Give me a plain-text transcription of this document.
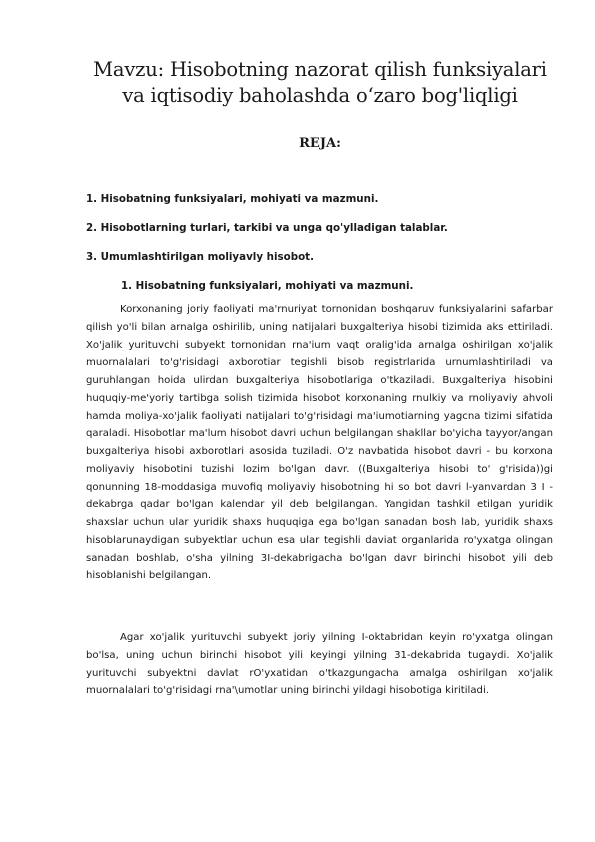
Mavzu: Hisobotning nazorat qilish funksiyalari
va iqtisodiy baholashda o‘zaro bog'liqligi
REJA:
1. Hisobatning funksiyalari, mohiyati va mazmuni.
2. Hisobotlarning turlari, tarkibi va unga qo'ylladigan talablar.
3. Umumlashtirilgan moliyavly hisobot.
1. Hisobatning funksiyalari, mohiyati va mazmuni.

Korxonaning joriy faoliyati ma'rnuriyat tornonidan boshqaruv funksiyalarini safarbar qilish yo'li bilan arnalga oshirilib, uning natijalari buxgalteriya hisobi tizimida aks ettiriladi. Xo'jalik yurituvchi subyekt tornonidan rna'ium vaqt oralig'ida arnalga oshirilgan xo'jalik muornalalari to'g'risidagi axborotiar tegishli bisob registrlarida urnumlashtiriladi va guruhlangan hoida ulirdan buxgalteriya hisobotlariga o'tkaziladi. Buxgalteriya hisobini huquqiy-me'yoriy tartibga solish tizimida hisobot korxonaning rnulkiy va rnoliyaviy ahvoli hamda moliya-xo'jalik faoliyati natijalari to'g'risidagi ma'iumotiarning yagcna tizimi sifatida qaraladi. Hisobotlar ma'lum hisobot davri uchun belgilangan shakllar bo'yicha tayyor/angan buxgalteriya hisobi axborotlari asosida tuziladi. O'z navbatida hisobot davri - bu korxona moliyaviy hisobotini tuzishi lozim bo'lgan davr. ((Buxgalteriya hisobi to' g'risida))gi qonunning 18-moddasiga muvofiq moliyaviy hisobotning hi so bot davri l-yanvardan 3 I -dekabrga qadar bo'lgan kalendar yil deb belgilangan. Yangidan tashkil etilgan yuridik shaxslar uchun ular yuridik shaxs huquqiga ega bo'lgan sanadan bosh lab, yuridik shaxs hisoblarunaydigan subyektlar uchun esa ular tegishli daviat organlarida ro'yxatga olingan sanadan boshlab, o'sha yilning 3I-dekabrigacha bo'lgan davr birinchi hisobot yili deb hisoblanishi belgilangan.

Agar xo'jalik yurituvchi subyekt joriy yilning I-oktabridan keyin ro'yxatga olingan bo'lsa, uning uchun birinchi hisobot yili keyingi yilning 31-dekabrida tugaydi. Xo'jalik yurituvchi subyektni davlat rO'yxatidan o'tkazgungacha amalga oshirilgan xo'jalik muornalalari to'g'risidagi rna'\umotlar uning birinchi yildagi hisobotiga kiritiladi.
